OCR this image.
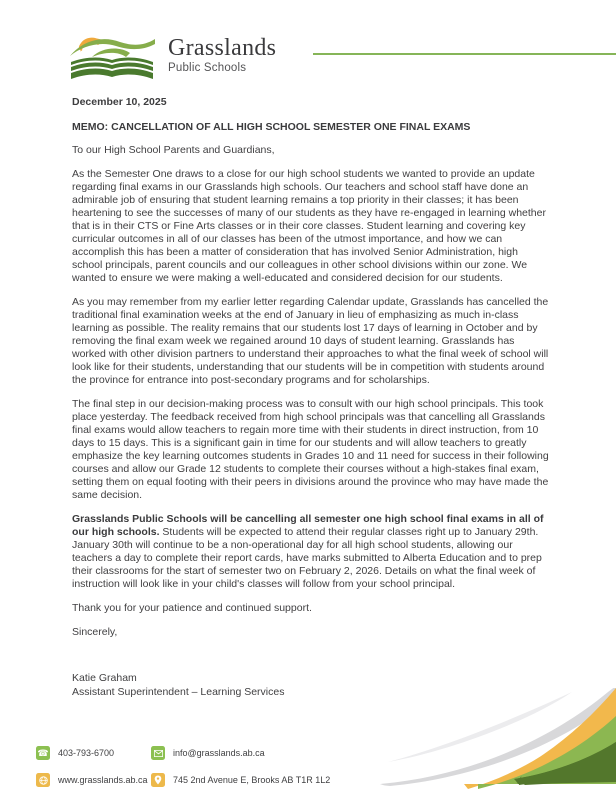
Grasslands
Public Schools

December 10, 2025

MEMO: CANCELLATION OF ALL HIGH SCHOOL SEMESTER ONE FINAL EXAMS

To our High School Parents and Guardians,

As the Semester One draws to a close for our high school students we wanted to provide an update regarding final exams in our Grasslands high schools. Our teachers and school staff have done an admirable job of ensuring that student learning remains a top priority in their classes; it has been heartening to see the successes of many of our students as they have re-engaged in learning whether that is in their CTS or Fine Arts classes or in their core classes. Student learning and covering key curricular outcomes in all of our classes has been of the utmost importance, and how we can accomplish this has been a matter of consideration that has involved Senior Administration, high school principals, parent councils and our colleagues in other school divisions within our zone. We wanted to ensure we were making a well-educated and considered decision for our students.

As you may remember from my earlier letter regarding Calendar update, Grasslands has cancelled the traditional final examination weeks at the end of January in lieu of emphasizing as much in-class learning as possible. The reality remains that our students lost 17 days of learning in October and by removing the final exam week we regained around 10 days of student learning. Grasslands has worked with other division partners to understand their approaches to what the final week of school will look like for their students, understanding that our students will be in competition with students around the province for entrance into post-secondary programs and for scholarships.

The final step in our decision-making process was to consult with our high school principals. This took place yesterday. The feedback received from high school principals was that cancelling all Grasslands final exams would allow teachers to regain more time with their students in direct instruction, from 10 days to 15 days. This is a significant gain in time for our students and will allow teachers to greatly emphasize the key learning outcomes students in Grades 10 and 11 need for success in their following courses and allow our Grade 12 students to complete their courses without a high-stakes final exam, setting them on equal footing with their peers in divisions around the province who may have made the same decision.

Grasslands Public Schools will be cancelling all semester one high school final exams in all of our high schools. Students will be expected to attend their regular classes right up to January 29th. January 30th will continue to be a non-operational day for all high school students, allowing our teachers a day to complete their report cards, have marks submitted to Alberta Education and to prep their classrooms for the start of semester two on February 2, 2026. Details on what the final week of instruction will look like in your child's classes will follow from your school principal.

Thank you for your patience and continued support.

Sincerely,

Katie Graham
Assistant Superintendent – Learning Services
☎ 403-793-6700	info@grasslands.ab.ca
www.grasslands.ab.ca	745 2nd Avenue E, Brooks AB T1R 1L2
